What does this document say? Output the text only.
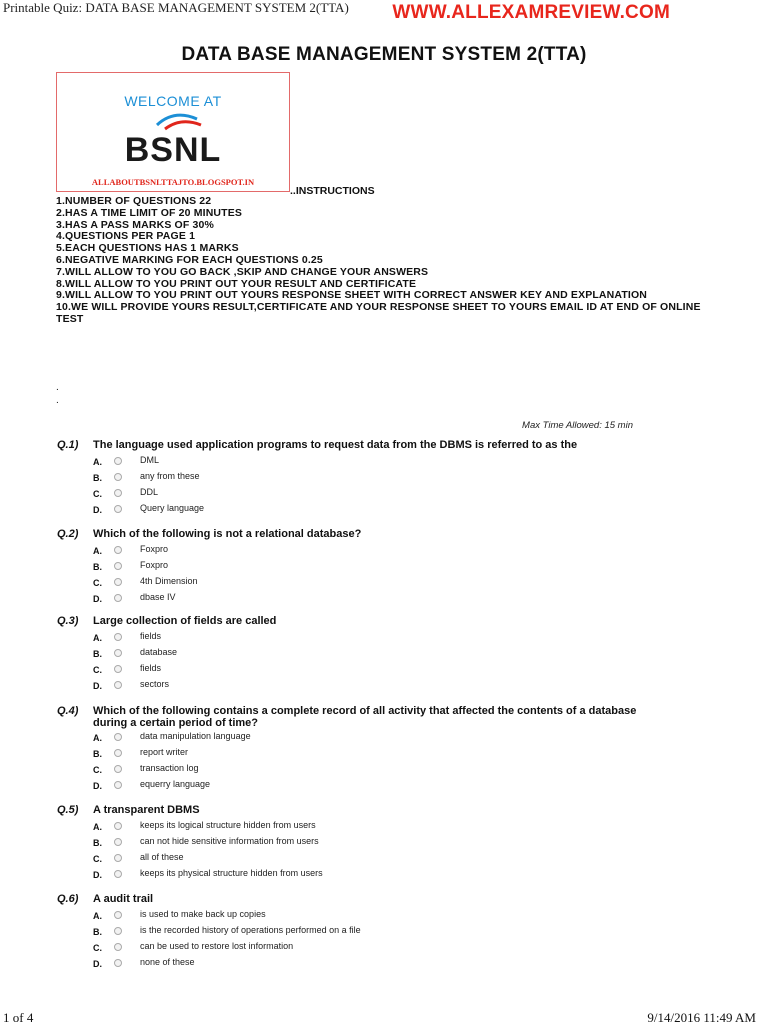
Printable Quiz: DATA BASE MANAGEMENT SYSTEM 2(TTA) WWW.ALLEXAMREVIEW.COM
DATA BASE MANAGEMENT SYSTEM 2(TTA)
WELCOME AT
BSNL
ALLABOUTBSNLTTAJTO.BLOGSPOT.IN
..INSTRUCTIONS
1.NUMBER OF QUESTIONS 22
2.HAS A TIME LIMIT OF 20 MINUTES
3.HAS A PASS MARKS OF 30%
4.QUESTIONS PER PAGE 1
5.EACH QUESTIONS HAS 1 MARKS
6.NEGATIVE MARKING FOR EACH QUESTIONS 0.25
7.WILL ALLOW TO YOU GO BACK ,SKIP AND CHANGE YOUR ANSWERS
8.WILL ALLOW TO YOU PRINT OUT YOUR RESULT AND CERTIFICATE
9.WILL ALLOW TO YOU PRINT OUT YOURS RESPONSE SHEET WITH CORRECT ANSWER KEY AND EXPLANATION
10.WE WILL PROVIDE YOURS RESULT,CERTIFICATE AND YOUR RESPONSE SHEET TO YOURS EMAIL ID AT END OF ONLINE TEST
.
.
Max Time Allowed: 15 min
Q.1) The language used application programs to request data from the DBMS is referred to as the
A.	DML
B.	any from these
C.	DDL
D.	Query language
Q.2) Which of the following is not a relational database?
A.	Foxpro
B.	Foxpro
C.	4th Dimension
D.	dbase IV
Q.3) Large collection of fields are called
A.	fields
B.	database
C.	fields
D.	sectors
Q.4) Which of the following contains a complete record of all activity that affected the contents of a database during a certain period of time?
A.	data manipulation language
B.	report writer
C.	transaction log
D.	equerry language
Q.5) A transparent DBMS
A.	keeps its logical structure hidden from users
B.	can not hide sensitive information from users
C.	all of these
D.	keeps its physical structure hidden from users
Q.6) A audit trail
A.	is used to make back up copies
B.	is the recorded history of operations performed on a file
C.	can be used to restore lost information
D.	none of these
1 of 4	9/14/2016 11:49 AM
